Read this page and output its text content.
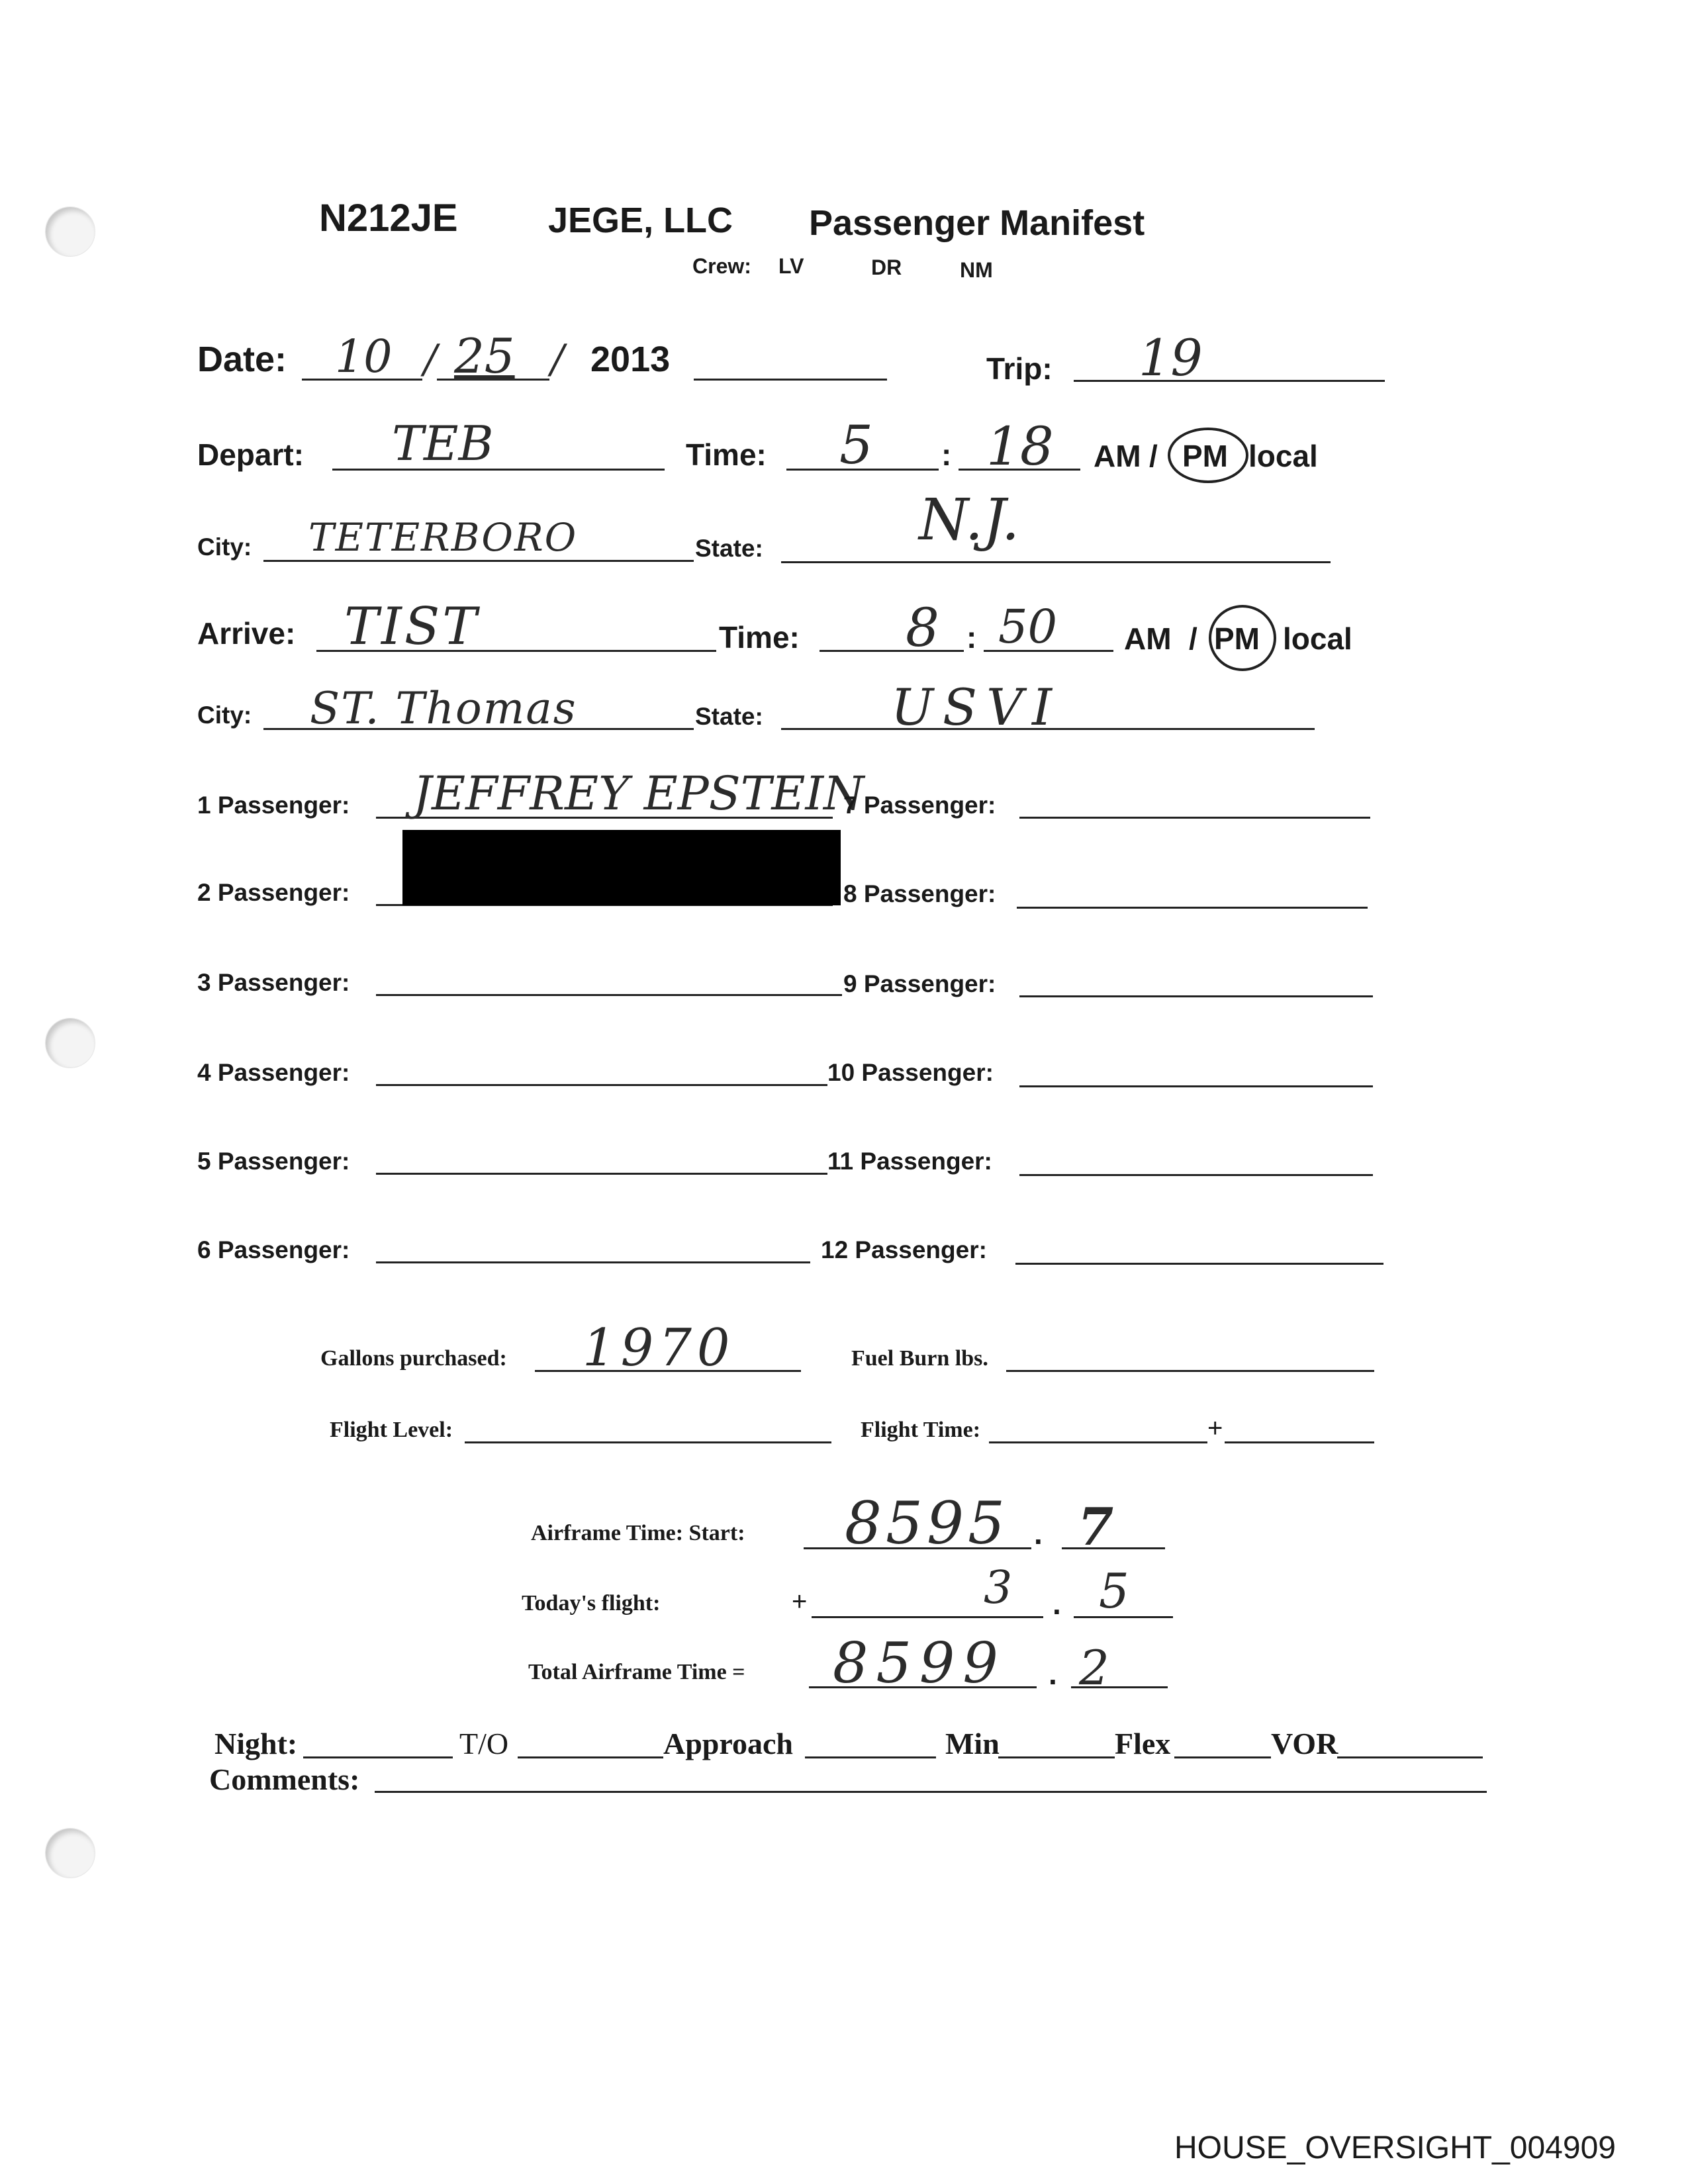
N212JE	JEGE, LLC Passenger Manifest
Crew: LV	DR	NM
Date: 10 / 25 / 2013	Trip: 19
Depart: TEB	Time: 5 : 18 AM / PM local
City: TETERBORO	State:	N.J.
Arrive: TIST	Time: 8 : 50 AM / PM local
City: ST. Thomas	State:	USVI
1 Passenger: JEFFREY EPSTEIN
2 Passenger:
3 Passenger:
4 Passenger:
5 Passenger:
6 Passenger:
7 Passenger:
8 Passenger:
9 Passenger:
10 Passenger:
11 Passenger:
12 Passenger:
Gallons purchased: 1970	Fuel Burn lbs.
Flight Level:	Flight Time:	+
Airframe Time: Start: 8595 . 7
Today's flight:	+	3 . 5
Total Airframe Time = 8599 . 2
Night:	T/O	Approach	Min	Flex	VOR
Comments:
HOUSE_OVERSIGHT_004909
